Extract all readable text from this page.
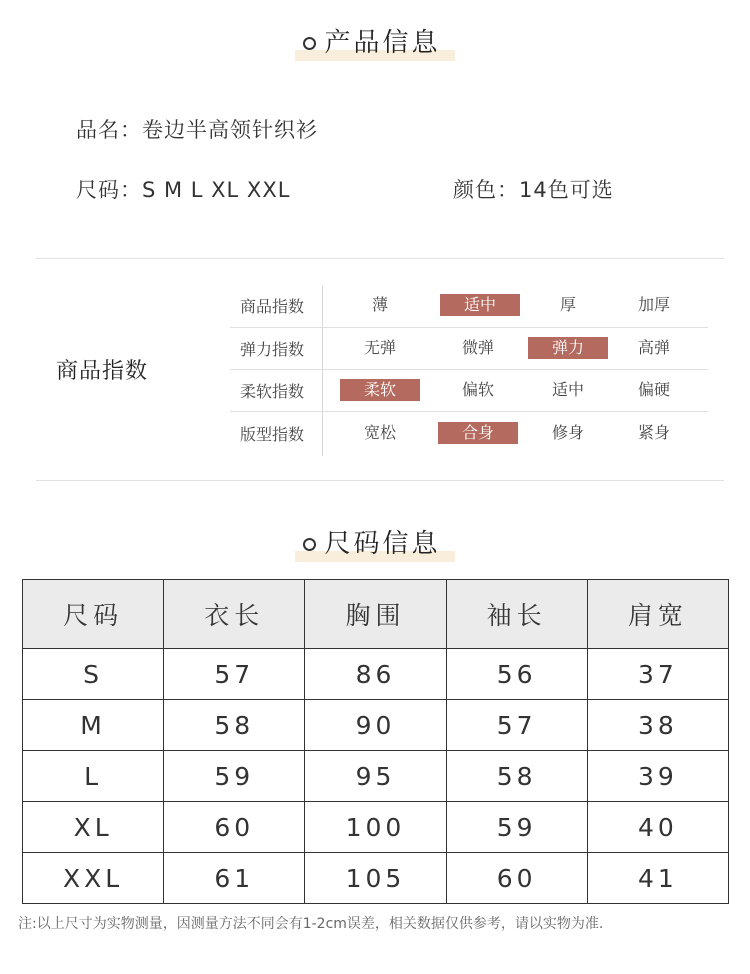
产品信息
品名：卷边半高领针织衫
尺码：S M L XL XXL	颜色：14色可选
商品指数
商品指数	薄	适中	厚	加厚
弹力指数	无弹	微弹	弹力	高弹
柔软指数	柔软	偏软	适中	偏硬
版型指数	宽松	合身	修身	紧身
尺码信息
尺码	衣长	胸围	袖长	肩宽
S	57	86	56	37
M	58	90	57	38
L	59	95	58	39
XL	60	100	59	40
XXL	61	105	60	41
注:以上尺寸为实物测量，因测量方法不同会有1-2cm误差，相关数据仅供参考，请以实物为准.
